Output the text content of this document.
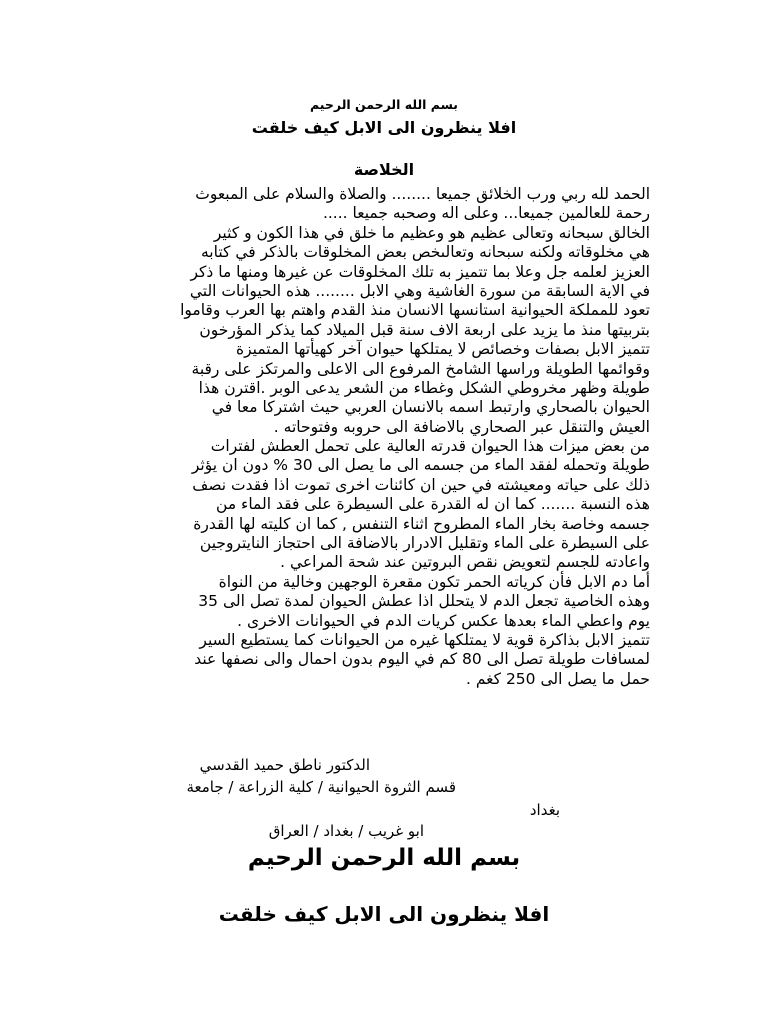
بسم الله الرحمن الرحيم
افلا ينظرون الى الابل كيف خلقت
الخلاصة
الحمد لله ربي ورب الخلائق جميعا ........ والصلاة والسلام على المبعوث
رحمة للعالمين جميعا... وعلى اله وصحبه جميعا .....
الخالق سبحانه وتعالى عظيم هو وعظيم ما خلق في هذا الكون و كثير
هي مخلوقاته ولكنه سبحانه وتعالىخص بعض المخلوقات بالذكر في كتابه
العزيز لعلمه جل وعلا بما تتميز به تلك المخلوقات عن غيرها ومنها ما ذكر
في الاية السابقة من سورة الغاشية وهي الابل ........ هذه الحيوانات التي
تعود للمملكة الحيوانية استانسها الانسان منذ القدم واهتم بها العرب وقاموا
بتربيتها منذ ما يزيد على اربعة الاف سنة قبل الميلاد كما يذكر المؤرخون
تتميز الابل بصفات وخصائص لا يمتلكها حيوان آخر كهيأتها المتميزة
وقوائمها الطويلة وراسها الشامخ المرفوع الى الاعلى والمرتكز على رقبة
طويلة وظهر مخروطي الشكل وغطاء من الشعر يدعى الوبر .اقترن هذا
الحيوان بالصحاري وارتبط اسمه بالانسان العربي حيث اشتركا معا في
العيش والتنقل عبر الصحاري بالاضافة الى حروبه وفتوحاته .
من بعض ميزات هذا الحيوان قدرته العالية على تحمل العطش لفترات
طويلة وتحمله لفقد الماء من جسمه الى ما يصل الى 30 % دون ان يؤثر
ذلك على حياته ومعيشته في حين ان كائنات اخرى تموت اذا فقدت نصف
هذه النسبة ....... كما ان له القدرة على السيطرة على فقد الماء من
جسمه وخاصة بخار الماء المطروح اثناء التنفس , كما ان كليته لها القدرة
على السيطرة على الماء وتقليل الادرار بالاضافة الى احتجاز النايتروجين
واعادته للجسم لتعويض نقص البروتين عند شحة المراعي .
أما دم الابل فأن كرياته الحمر تكون مقعرة الوجهين وخالية من النواة
وهذه الخاصية تجعل الدم لا يتحلل اذا عطش الحيوان لمدة تصل الى 35
يوم واعطي الماء بعدها عكس كريات الدم في الحيوانات الاخرى .
تتميز الابل بذاكرة قوية لا يمتلكها غيره من الحيوانات كما يستطيع السير
لمسافات طويلة تصل الى 80 كم في اليوم بدون احمال والى نصفها عند
حمل ما يصل الى 250 كغم .
الدكتور ناطق حميد القدسي
قسم الثروة الحيوانية / كلية الزراعة / جامعة
بغداد
ابو غريب / بغداد / العراق
بسم الله الرحمن الرحيم
افلا ينظرون الى الابل كيف خلقت
